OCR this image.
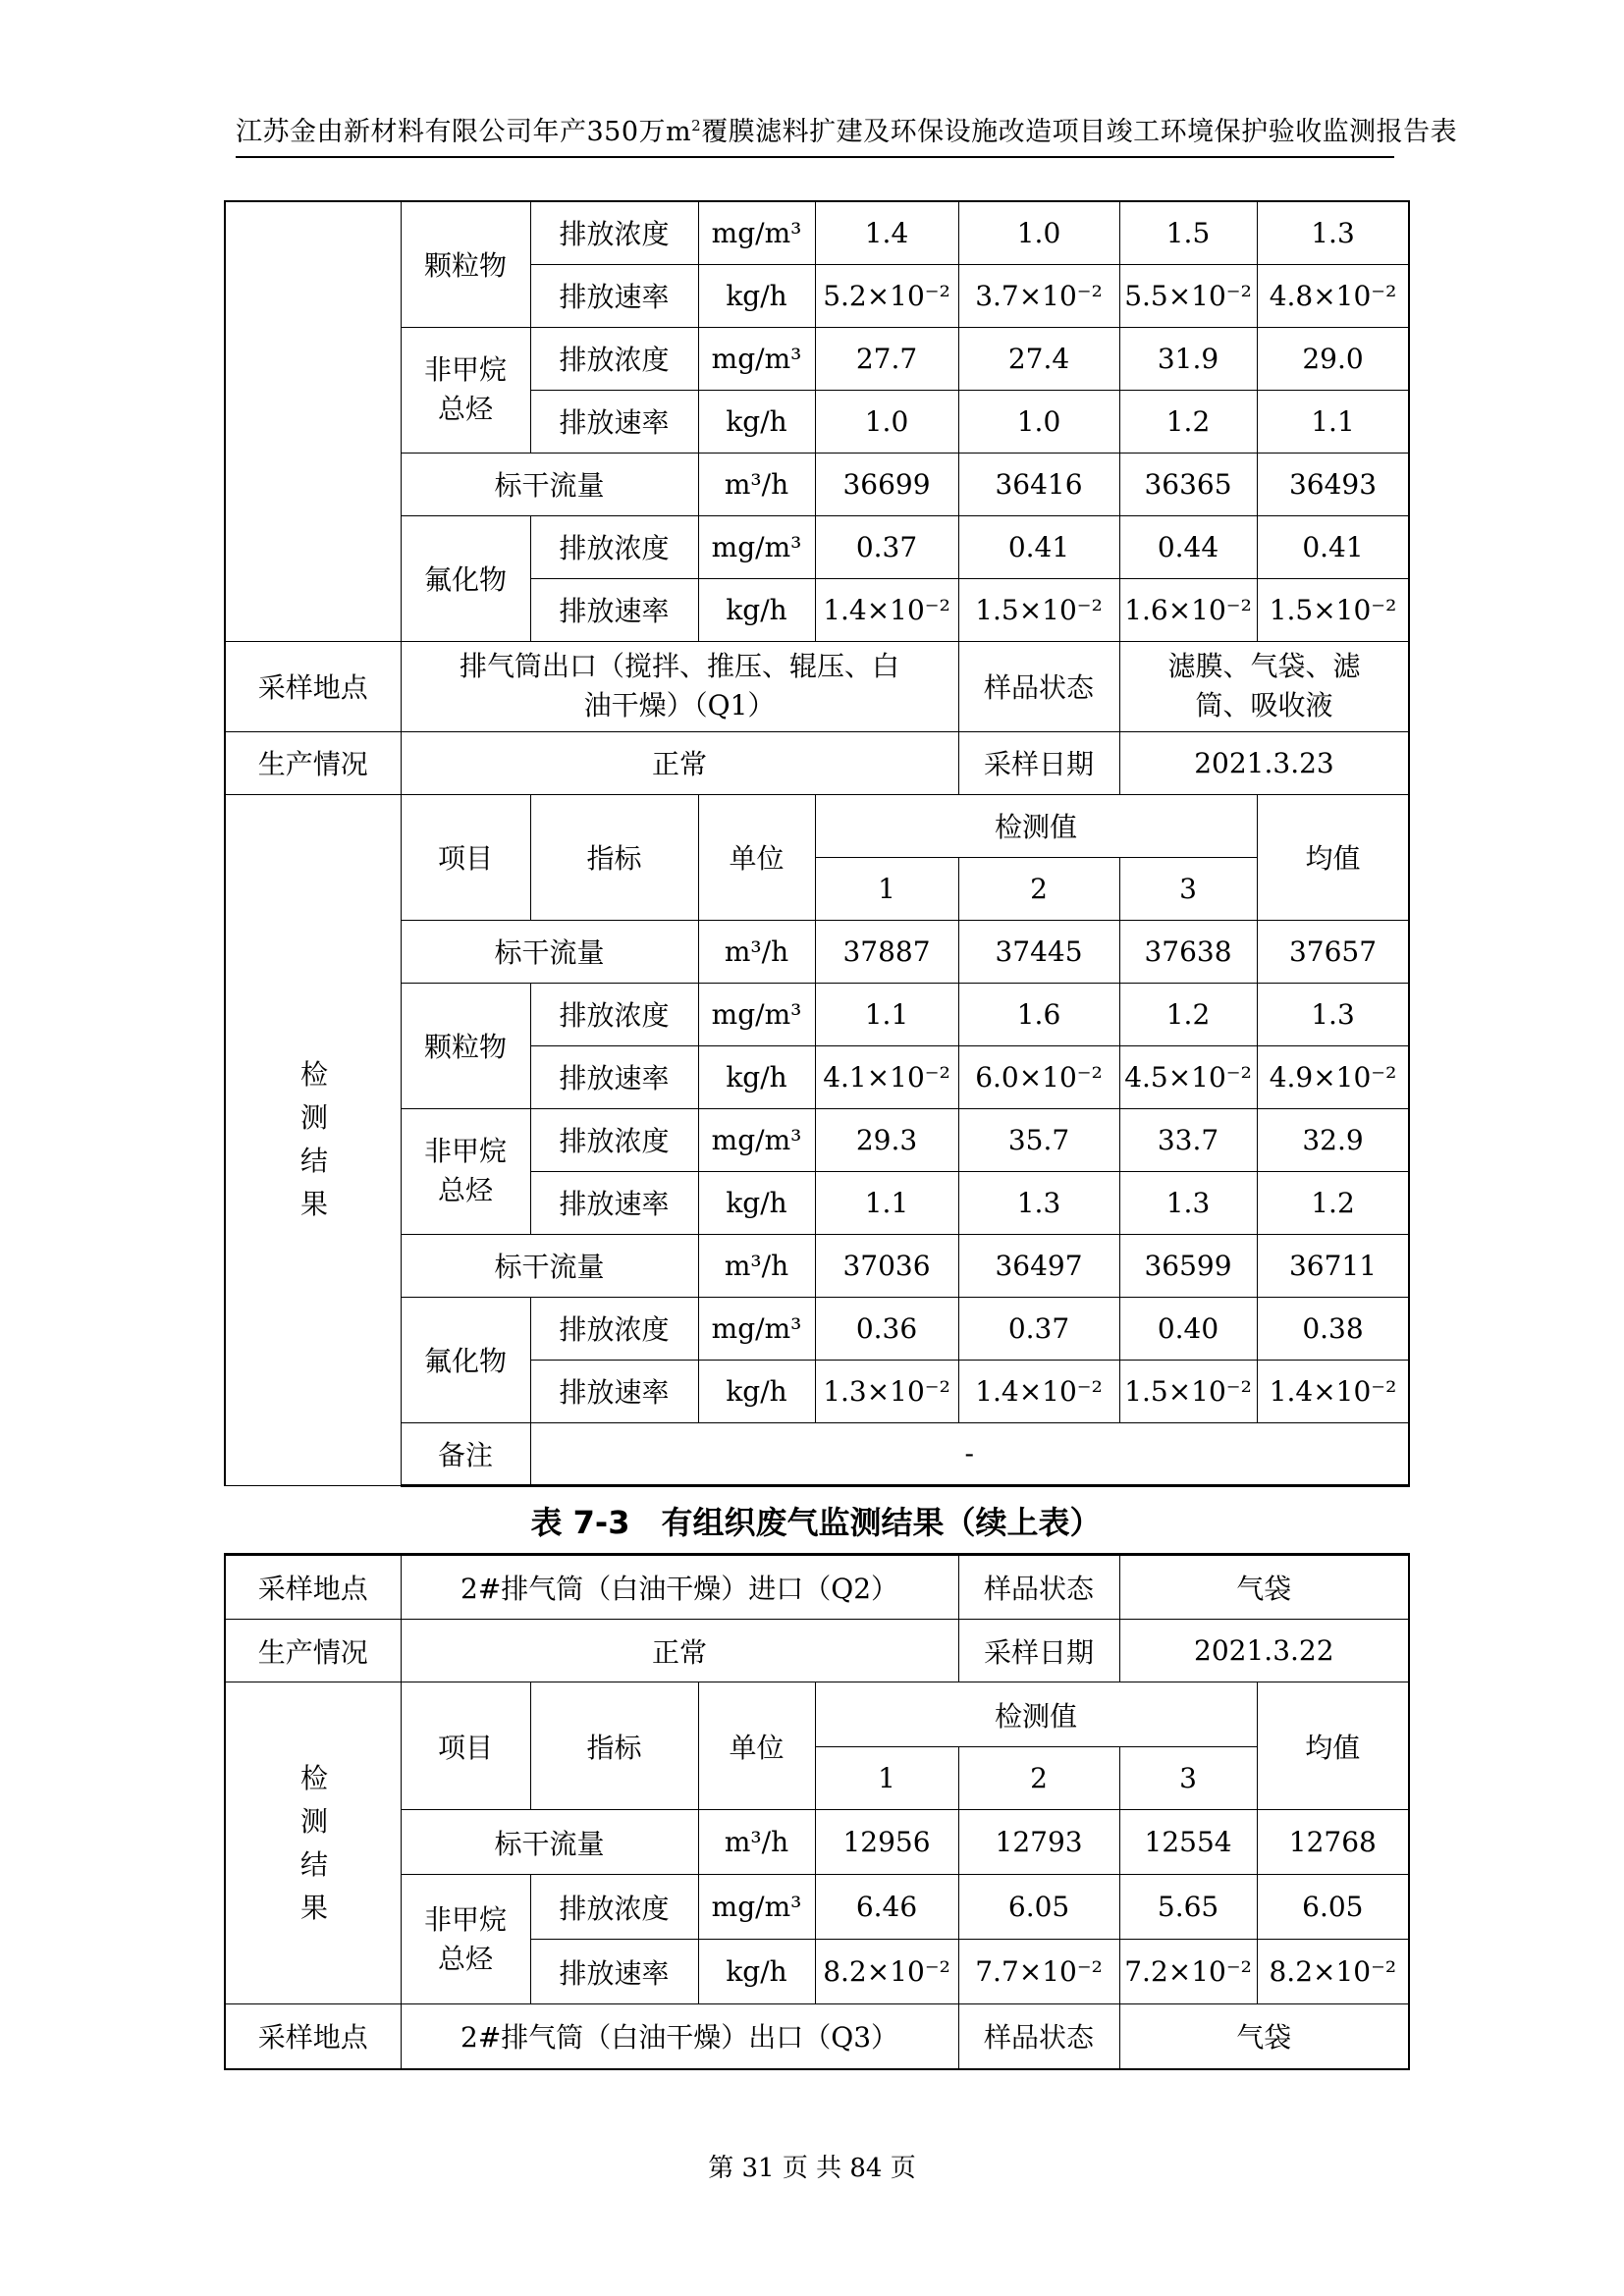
江苏金由新材料有限公司年产350万$m^2$覆膜滤料扩建及环保设施改造项目竣工环境保护验收监测报告表
	颗粒物	排放浓度	mg/m³	1.4	1.0	1.5	1.3
		排放速率	kg/h	5.2×10⁻²	3.7×10⁻²	5.5×10⁻²	4.8×10⁻²
	非甲烷总烃	排放浓度	mg/m³	27.7	27.4	31.9	29.0
		排放速率	kg/h	1.0	1.0	1.2	1.1
	标干流量		m³/h	36699	36416	36365	36493
	氟化物	排放浓度	mg/m³	0.37	0.41	0.44	0.41
		排放速率	kg/h	1.4×10⁻²	1.5×10⁻²	1.6×10⁻²	1.5×10⁻²
采样地点	排气筒出口（搅拌、推压、辊压、白油干燥）（Q1）				样品状态	滤膜、气袋、滤筒、吸收液	
生产情况	正常				采样日期	2021.3.23	
检测结果	项目	指标	单位	检测值			均值
				1	2	3	
	标干流量		m³/h	37887	37445	37638	37657
	颗粒物	排放浓度	mg/m³	1.1	1.6	1.2	1.3
		排放速率	kg/h	4.1×10⁻²	6.0×10⁻²	4.5×10⁻²	4.9×10⁻²
	非甲烷总烃	排放浓度	mg/m³	29.3	35.7	33.7	32.9
		排放速率	kg/h	1.1	1.3	1.3	1.2
	标干流量		m³/h	37036	36497	36599	36711
	氟化物	排放浓度	mg/m³	0.36	0.37	0.40	0.38
		排放速率	kg/h	1.3×10⁻²	1.4×10⁻²	1.5×10⁻²	1.4×10⁻²
	备注	-					
表 7-3　有组织废气监测结果（续上表）
采样地点	2#排气筒（白油干燥）进口（Q2）				样品状态	气袋	
生产情况	正常				采样日期	2021.3.22	
检测结果	项目	指标	单位	检测值			均值
				1	2	3	
	标干流量		m³/h	12956	12793	12554	12768
	非甲烷总烃	排放浓度	mg/m³	6.46	6.05	5.65	6.05
		排放速率	kg/h	8.2×10⁻²	7.7×10⁻²	7.2×10⁻²	8.2×10⁻²
采样地点	2#排气筒（白油干燥）出口（Q3）				样品状态	气袋	
第 31 页 共 84 页
